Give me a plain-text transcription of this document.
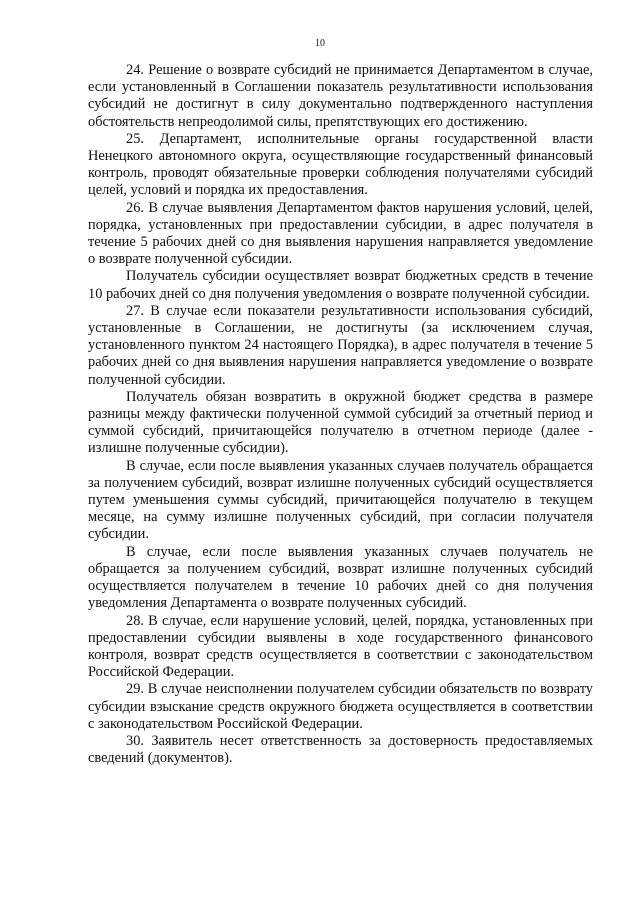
10

24. Решение о возврате субсидий не принимается Департаментом в случае, если установленный в Соглашении показатель результативности использования субсидий не достигнут в силу документально подтвержденного наступления обстоятельств непреодолимой силы, препятствующих его достижению.

25. Департамент, исполнительные органы государственной власти Ненецкого автономного округа, осуществляющие государственный финансовый контроль, проводят обязательные проверки соблюдения получателями субсидий целей, условий и порядка их предоставления.

26. В случае выявления Департаментом фактов нарушения условий, целей, порядка, установленных при предоставлении субсидии, в адрес получателя в течение 5 рабочих дней со дня выявления нарушения направляется уведомление о возврате полученной субсидии.

Получатель субсидии осуществляет возврат бюджетных средств в течение 10 рабочих дней со дня получения уведомления о возврате полученной субсидии.

27. В случае если показатели результативности использования субсидий, установленные в Соглашении, не достигнуты (за исключением случая, установленного пунктом 24 настоящего Порядка), в адрес получателя в течение 5 рабочих дней со дня выявления нарушения направляется уведомление о возврате полученной субсидии.

Получатель обязан возвратить в окружной бюджет средства в размере разницы между фактически полученной суммой субсидий за отчетный период и суммой субсидий, причитающейся получателю в отчетном периоде (далее - излишне полученные субсидии).

В случае, если после выявления указанных случаев получатель обращается за получением субсидий, возврат излишне полученных субсидий осуществляется путем уменьшения суммы субсидий, причитающейся получателю в текущем месяце, на сумму излишне полученных субсидий, при согласии получателя субсидии.

В случае, если после выявления указанных случаев получатель не обращается за получением субсидий, возврат излишне полученных субсидий осуществляется получателем в течение 10 рабочих дней со дня получения уведомления Департамента о возврате полученных субсидий.

28. В случае, если нарушение условий, целей, порядка, установленных при предоставлении субсидии выявлены в ходе государственного финансового контроля, возврат средств осуществляется в соответствии с законодательством Российской Федерации.

29. В случае неисполнении получателем субсидии обязательств по возврату субсидии взыскание средств окружного бюджета осуществляется в соответствии с законодательством Российской Федерации.

30. Заявитель несет ответственность за достоверность предоставляемых сведений (документов).
